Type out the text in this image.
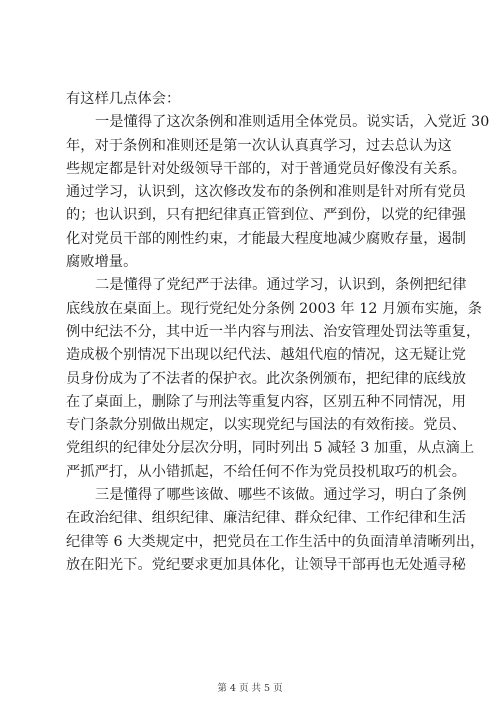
有这样几点体会：
一是懂得了这次条例和准则适用全体党员。说实话，入党近 30
年，对于条例和准则还是第一次认认真真学习，过去总认为这
些规定都是针对处级领导干部的，对于普通党员好像没有关系。
通过学习，认识到，这次修改发布的条例和准则是针对所有党员
的；也认识到，只有把纪律真正管到位、严到份，以党的纪律强
化对党员干部的刚性约束，才能最大程度地减少腐败存量，遏制
腐败增量。
二是懂得了党纪严于法律。通过学习，认识到，条例把纪律
底线放在桌面上。现行党纪处分条例 2003 年 12 月颁布实施，条
例中纪法不分，其中近一半内容与刑法、治安管理处罚法等重复，
造成极个别情况下出现以纪代法、越俎代庖的情况，这无疑让党
员身份成为了不法者的保护衣。此次条例颁布，把纪律的底线放
在了桌面上，删除了与刑法等重复内容，区别五种不同情况，用
专门条款分别做出规定，以实现党纪与国法的有效衔接。党员、
党组织的纪律处分层次分明，同时列出 5 减轻 3 加重，从点滴上
严抓严打，从小错抓起，不给任何不作为党员投机取巧的机会。
三是懂得了哪些该做、哪些不该做。通过学习，明白了条例
在政治纪律、组织纪律、廉洁纪律、群众纪律、工作纪律和生活
纪律等 6 大类规定中，把党员在工作生活中的负面清单清晰列出，
放在阳光下。党纪要求更加具体化，让领导干部再也无处遁寻秘
第 4 页 共 5 页
